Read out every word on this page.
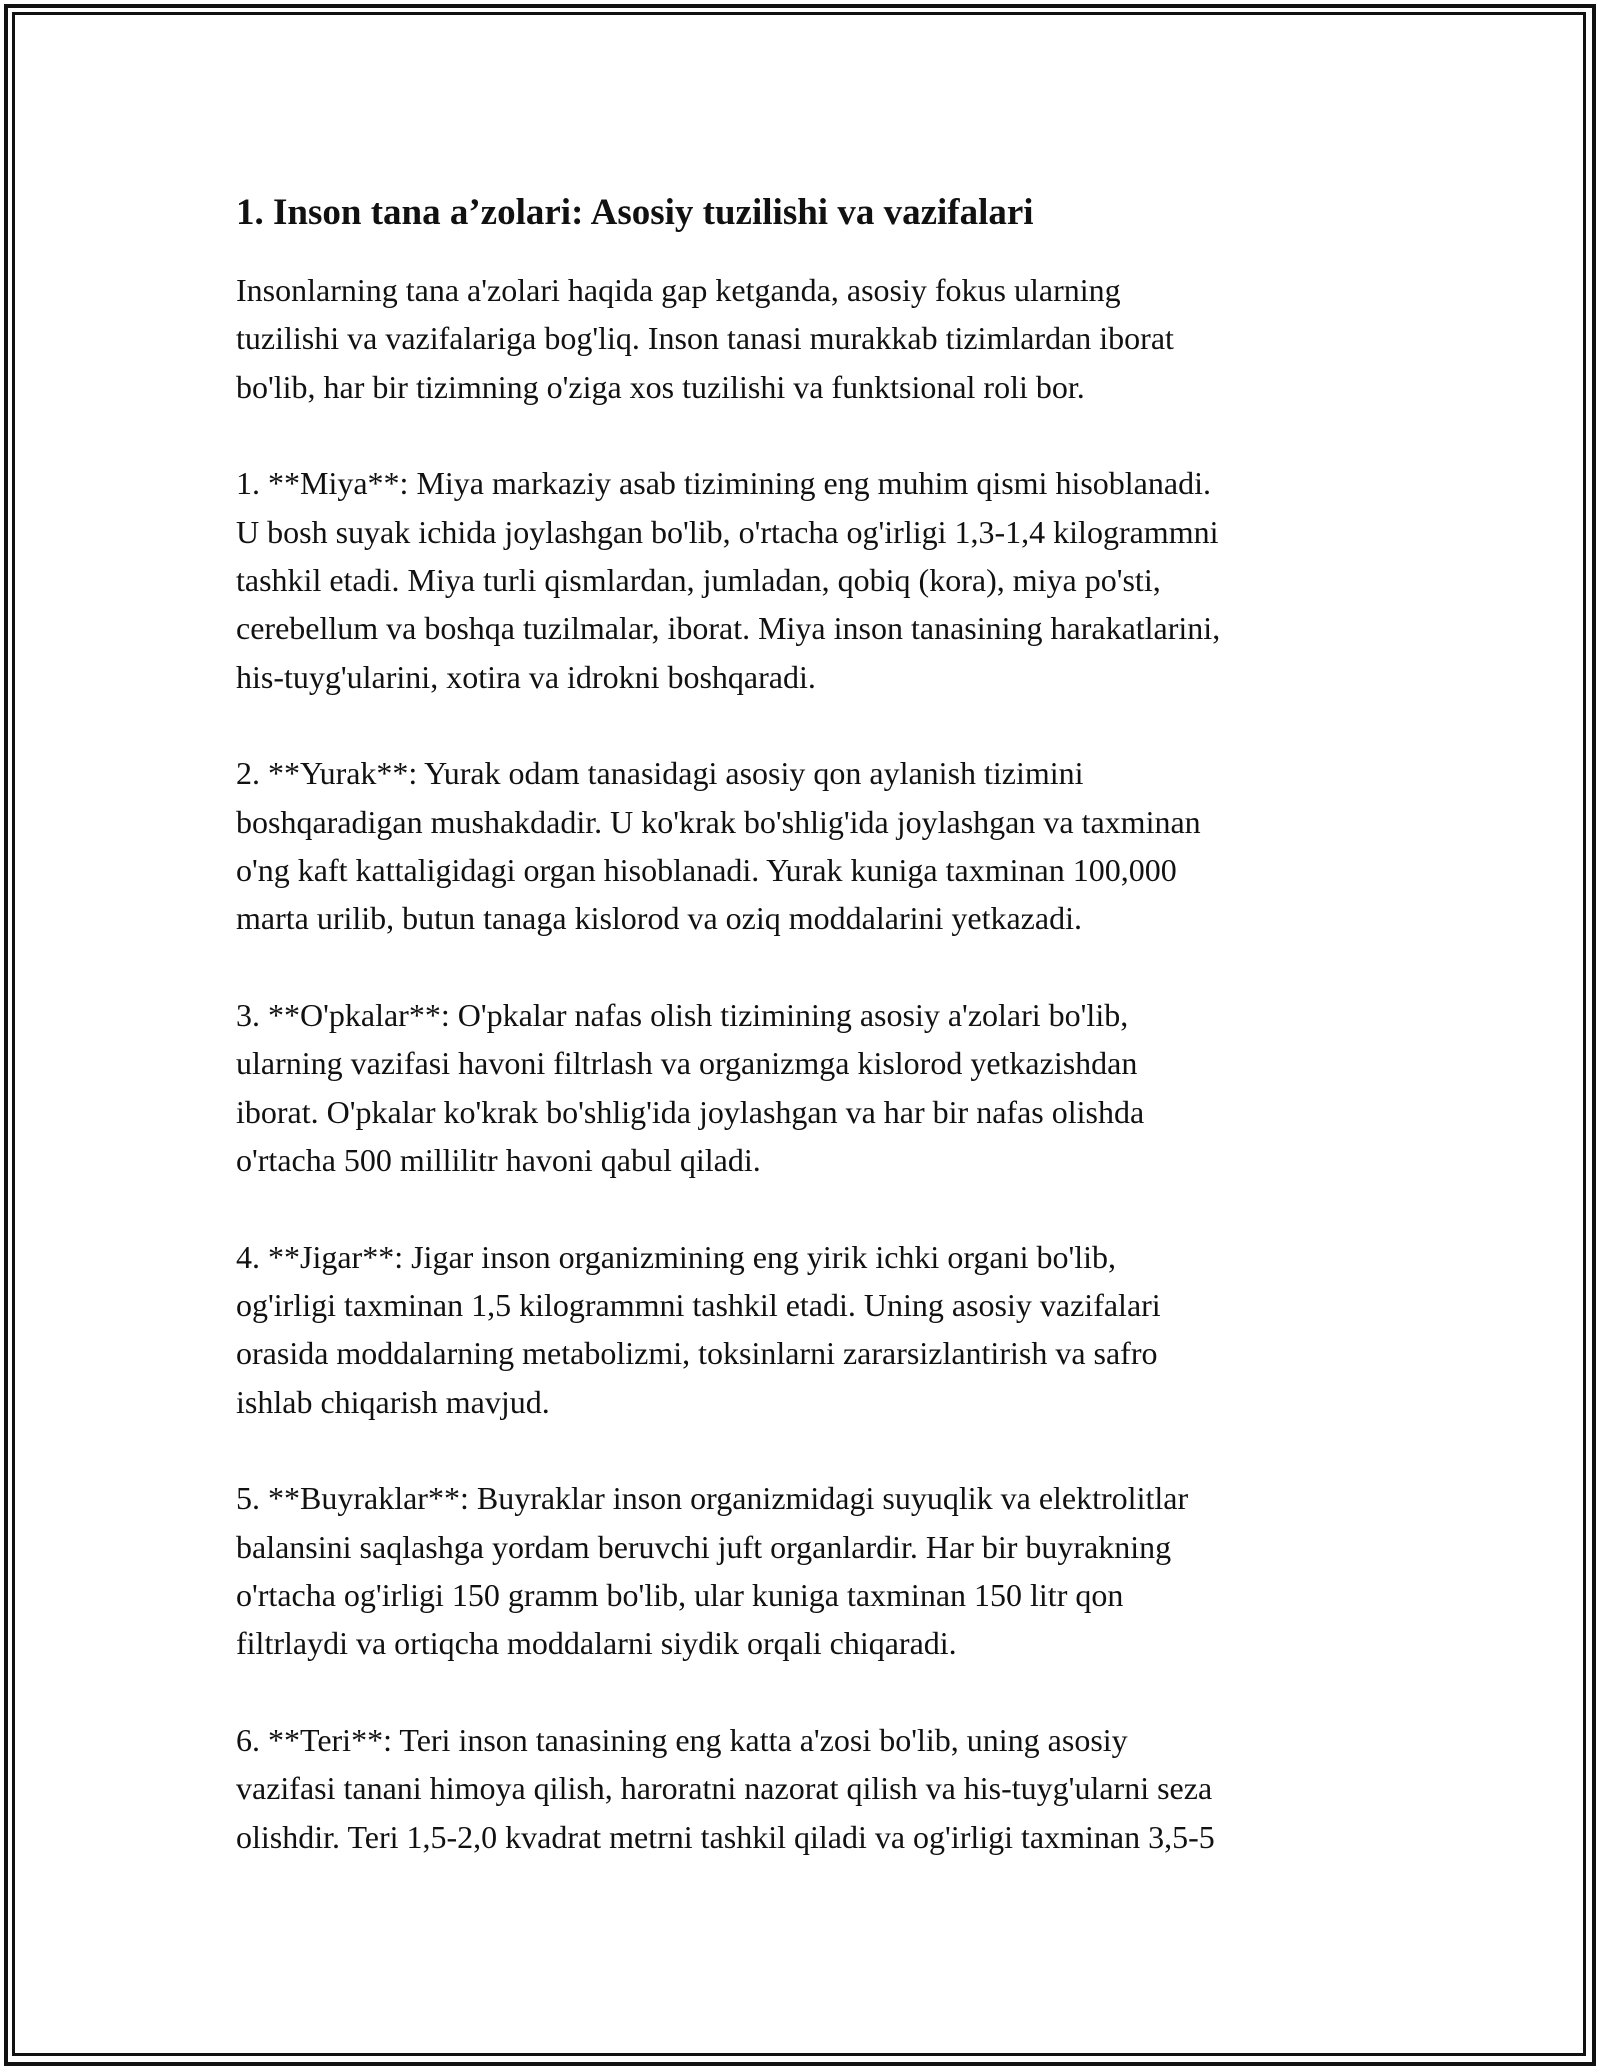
1. Inson tana a’zolari: Asosiy tuzilishi va vazifalari
Insonlarning tana a'zolari haqida gap ketganda, asosiy fokus ularning
tuzilishi va vazifalariga bog'liq. Inson tanasi murakkab tizimlardan iborat
bo'lib, har bir tizimning o'ziga xos tuzilishi va funktsional roli bor.
1. **Miya**: Miya markaziy asab tizimining eng muhim qismi hisoblanadi.
U bosh suyak ichida joylashgan bo'lib, o'rtacha og'irligi 1,3-1,4 kilogrammni
tashkil etadi. Miya turli qismlardan, jumladan, qobiq (kora), miya po'sti,
cerebellum va boshqa tuzilmalar, iborat. Miya inson tanasining harakatlarini,
his-tuyg'ularini, xotira va idrokni boshqaradi.
2. **Yurak**: Yurak odam tanasidagi asosiy qon aylanish tizimini
boshqaradigan mushakdadir. U ko'krak bo'shlig'ida joylashgan va taxminan
o'ng kaft kattaligidagi organ hisoblanadi. Yurak kuniga taxminan 100,000
marta urilib, butun tanaga kislorod va oziq moddalarini yetkazadi.
3. **O'pkalar**: O'pkalar nafas olish tizimining asosiy a'zolari bo'lib,
ularning vazifasi havoni filtrlash va organizmga kislorod yetkazishdan
iborat. O'pkalar ko'krak bo'shlig'ida joylashgan va har bir nafas olishda
o'rtacha 500 millilitr havoni qabul qiladi.
4. **Jigar**: Jigar inson organizmining eng yirik ichki organi bo'lib,
og'irligi taxminan 1,5 kilogrammni tashkil etadi. Uning asosiy vazifalari
orasida moddalarning metabolizmi, toksinlarni zararsizlantirish va safro
ishlab chiqarish mavjud.
5. **Buyraklar**: Buyraklar inson organizmidagi suyuqlik va elektrolitlar
balansini saqlashga yordam beruvchi juft organlardir. Har bir buyrakning
o'rtacha og'irligi 150 gramm bo'lib, ular kuniga taxminan 150 litr qon
filtrlaydi va ortiqcha moddalarni siydik orqali chiqaradi.
6. **Teri**: Teri inson tanasining eng katta a'zosi bo'lib, uning asosiy
vazifasi tanani himoya qilish, haroratni nazorat qilish va his-tuyg'ularni seza
olishdir. Teri 1,5-2,0 kvadrat metrni tashkil qiladi va og'irligi taxminan 3,5-5
